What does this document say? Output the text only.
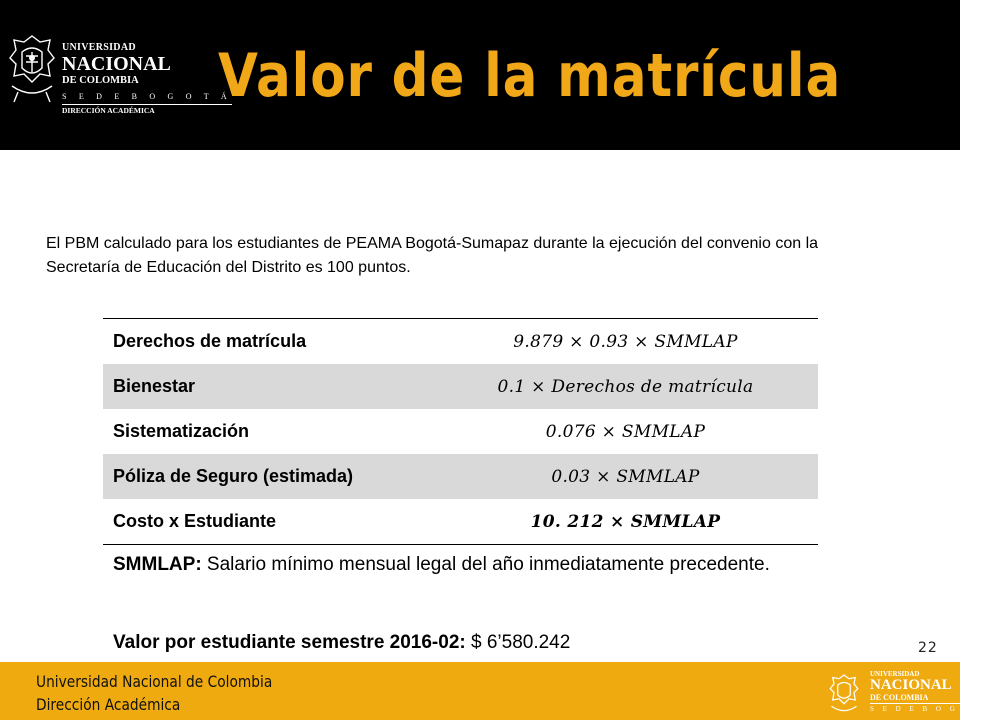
UNIVERSIDAD
NACIONAL
DE COLOMBIA
S E D E B O G O T Á
DIRECCIÓN ACADÉMICA	Valor de la matrícula

El PBM calculado para los estudiantes de PEAMA Bogotá-Sumapaz durante la ejecución del convenio con la Secretaría de Educación del Distrito es 100 puntos.

Derechos de matrícula	9.879 × 0.93 × SMMLAP
Bienestar	0.1 × Derechos de matrícula
Sistematización	0.076 × SMMLAP
Póliza de Seguro (estimada)	0.03 × SMMLAP
Costo x Estudiante	10. 212 × SMMLAP

SMMLAP: Salario mínimo mensual legal del año inmediatamente precedente.

Valor por estudiante semestre 2016-02: $ 6’580.242	22
Universidad Nacional de Colombia
Dirección Académica
UNIVERSIDAD
NACIONAL
DE COLOMBIA
S E D E B O G O T Á
